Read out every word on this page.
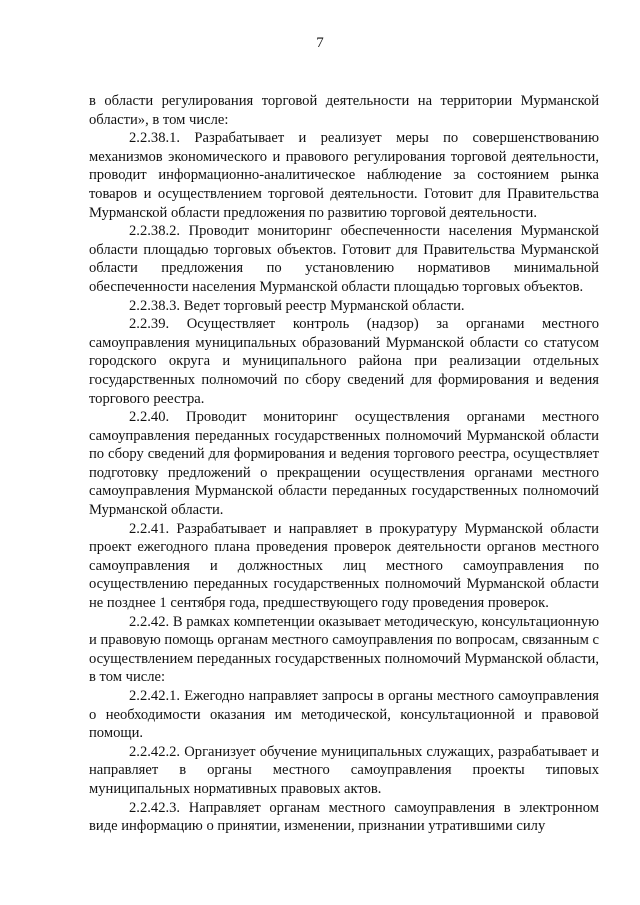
7

в области регулирования торговой деятельности на территории Мурманской области», в том числе:

2.2.38.1. Разрабатывает и реализует меры по совершенствованию механизмов экономического и правового регулирования торговой деятельности, проводит информационно-аналитическое наблюдение за состоянием рынка товаров и осуществлением торговой деятельности. Готовит для Правительства Мурманской области предложения по развитию торговой деятельности.

2.2.38.2. Проводит мониторинг обеспеченности населения Мурманской области площадью торговых объектов. Готовит для Правительства Мурманской области предложения по установлению нормативов минимальной обеспеченности населения Мурманской области площадью торговых объектов.

2.2.38.3. Ведет торговый реестр Мурманской области.

2.2.39. Осуществляет контроль (надзор) за органами местного самоуправления муниципальных образований Мурманской области со статусом городского округа и муниципального района при реализации отдельных государственных полномочий по сбору сведений для формирования и ведения торгового реестра.

2.2.40. Проводит мониторинг осуществления органами местного самоуправления переданных государственных полномочий Мурманской области по сбору сведений для формирования и ведения торгового реестра, осуществляет подготовку предложений о прекращении осуществления органами местного самоуправления Мурманской области переданных государственных полномочий Мурманской области.

2.2.41. Разрабатывает и направляет в прокуратуру Мурманской области проект ежегодного плана проведения проверок деятельности органов местного самоуправления и должностных лиц местного самоуправления по осуществлению переданных государственных полномочий Мурманской области не позднее 1 сентября года, предшествующего году проведения проверок.

2.2.42. В рамках компетенции оказывает методическую, консультационную и правовую помощь органам местного самоуправления по вопросам, связанным с осуществлением переданных государственных полномочий Мурманской области, в том числе:

2.2.42.1. Ежегодно направляет запросы в органы местного самоуправления о необходимости оказания им методической, консультационной и правовой помощи.

2.2.42.2. Организует обучение муниципальных служащих, разрабатывает и направляет в органы местного самоуправления проекты типовых муниципальных нормативных правовых актов.

2.2.42.3. Направляет органам местного самоуправления в электронном виде информацию о принятии, изменении, признании утратившими силу
